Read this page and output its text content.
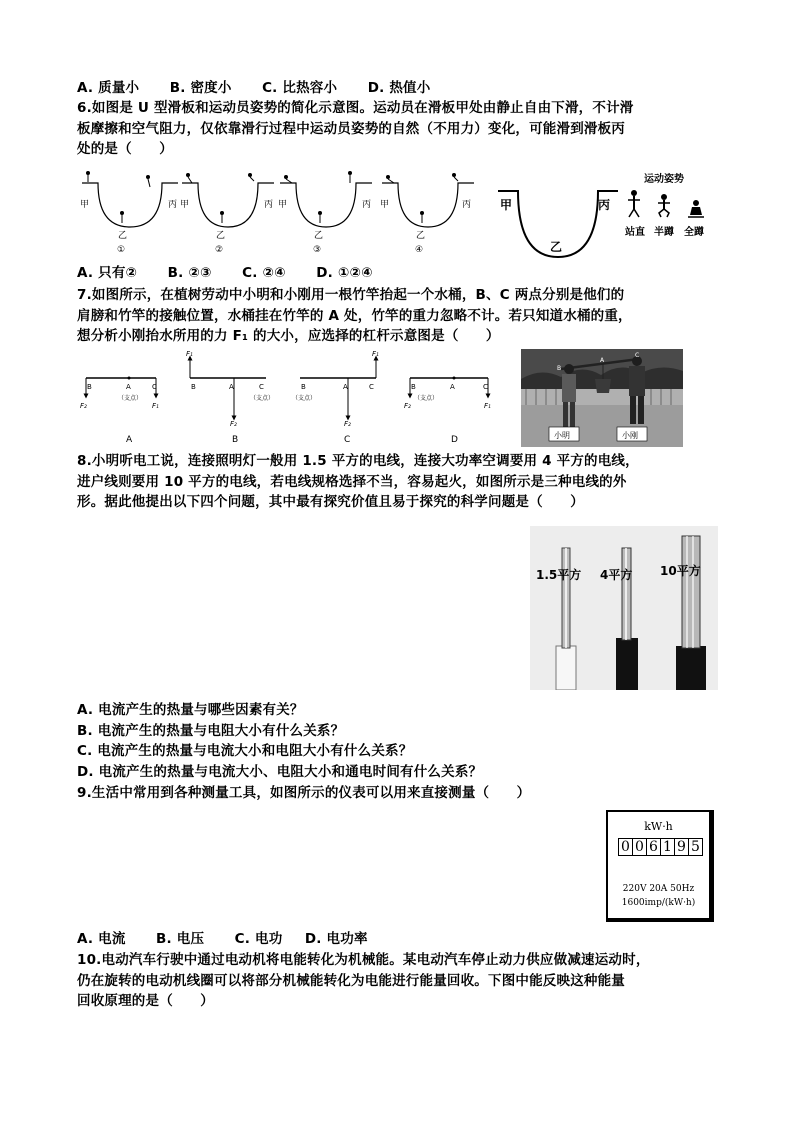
A. 质量小 B. 密度小 C. 比热容小 D. 热值小
6.如图是 U 型滑板和运动员姿势的简化示意图。运动员在滑板甲处由静止自由下滑，不计滑
板摩擦和空气阻力，仅依靠滑行过程中运动员姿势的自然（不用力）变化，可能滑到滑板丙
处的是（　　）
甲	丙
乙
①
甲	丙
乙
②
甲	丙
乙
③
甲	丙
乙
④
甲	丙
乙
运动姿势
站直 半蹲 全蹲
A. 只有② B. ②③ C. ②④ D. ①②④
7.如图所示，在植树劳动中小明和小刚用一根竹竿抬起一个水桶，B、C 两点分别是他们的
肩膀和竹竿的接触位置，水桶挂在竹竿的 A 处，竹竿的重力忽略不计。若只知道水桶的重，
想分析小刚抬水所用的力 F₁ 的大小，应选择的杠杆示意图是（　　）
B	A	C
（支点）
F₂	F₁
A
F₁
B	A	C
（支点）
F₂
B
F₁
B	A	C
（支点）
F₂
C
B	A	C
（支点）
F₂	F₁
D
B
A
C
小明	小刚
8.小明听电工说，连接照明灯一般用 1.5 平方的电线，连接大功率空调要用 4 平方的电线，
进户线则要用 10 平方的电线，若电线规格选择不当，容易起火，如图所示是三种电线的外
形。据此他提出以下四个问题，其中最有探究价值且易于探究的科学问题是（　　）
1.5平方 4平方 10平方
A. 电流产生的热量与哪些因素有关？
B. 电流产生的热量与电阻大小有什么关系？
C. 电流产生的热量与电流大小和电阻大小有什么关系？
D. 电流产生的热量与电流大小、电阻大小和通电时间有什么关系？
9.生活中常用到各种测量工具，如图所示的仪表可以用来直接测量（　　）
kW·h
0 0 6 1 9 5
220V 20A 50Hz
1600imp/(kW·h)
A. 电流 B. 电压 C. 电功 D. 电功率
10.电动汽车行驶中通过电动机将电能转化为机械能。某电动汽车停止动力供应做减速运动时，
仍在旋转的电动机线圈可以将部分机械能转化为电能进行能量回收。下图中能反映这种能量
回收原理的是（　　）
